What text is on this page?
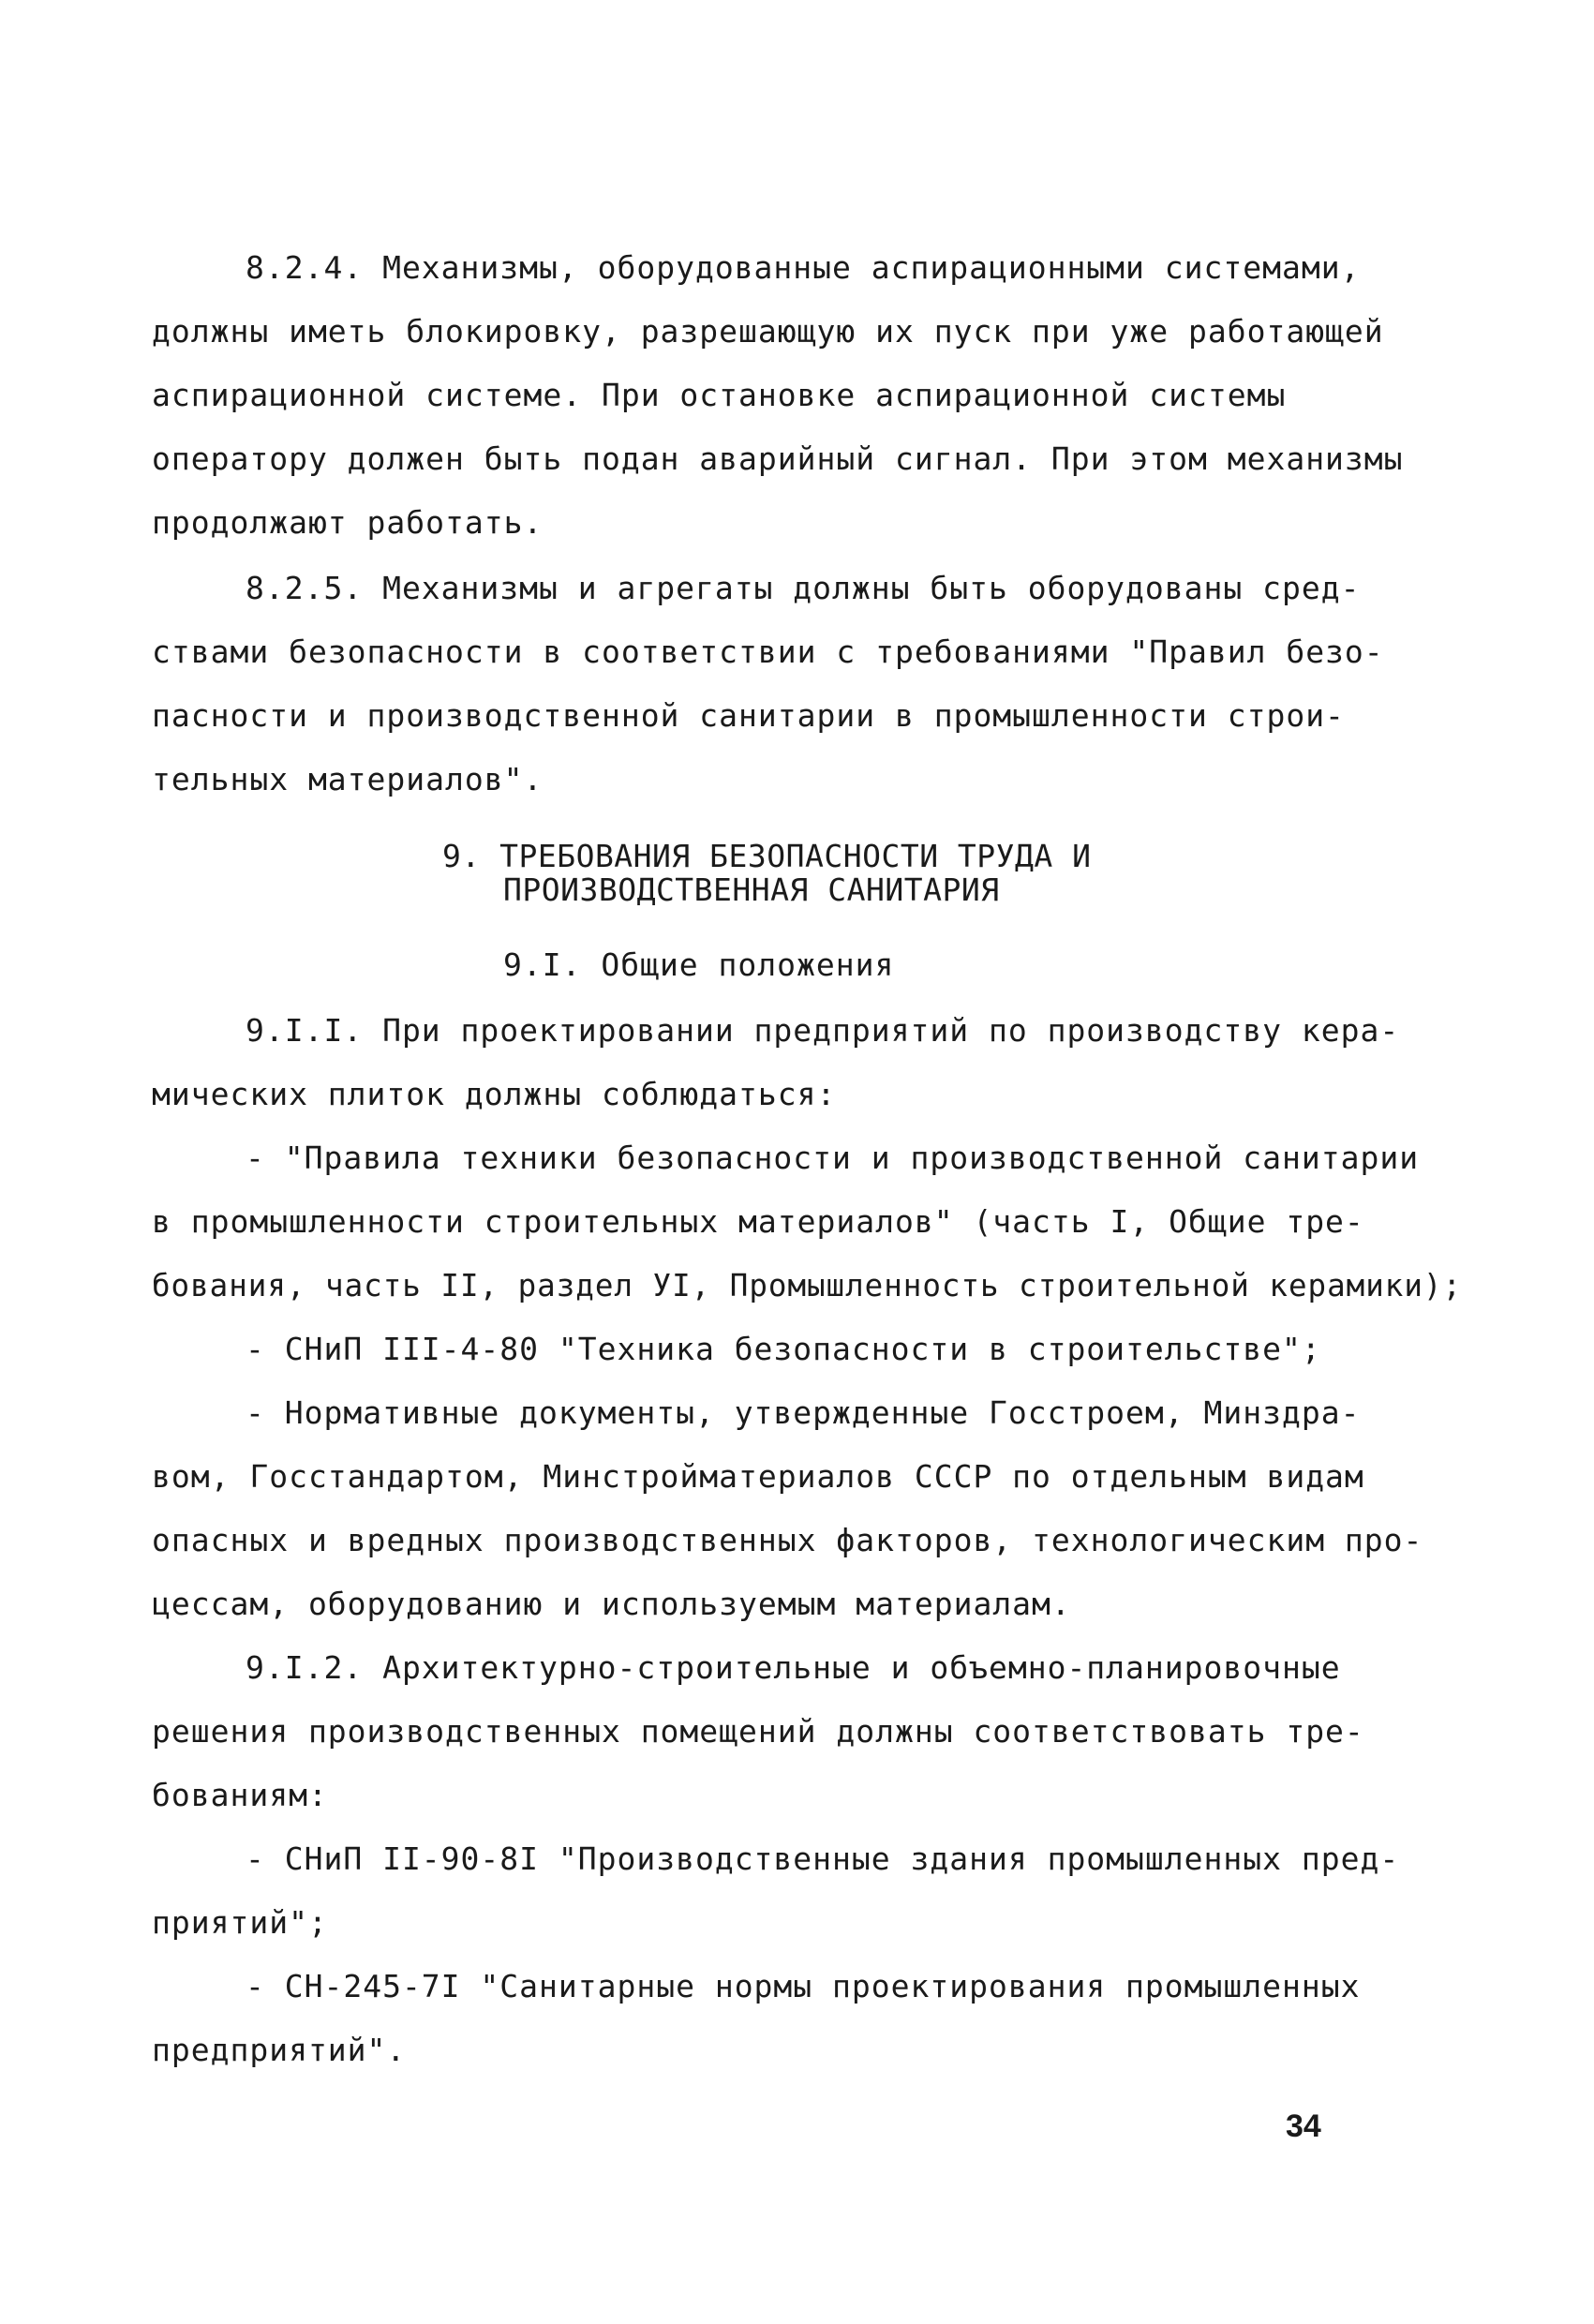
8.2.4. Механизмы, оборудованные аспирационными системами,
должны иметь блокировку, разрешающую их пуск при уже работающей
аспирационной системе. При остановке аспирационной системы
оператору должен быть подан аварийный сигнал. При этом механизмы
продолжают работать.
8.2.5. Механизмы и агрегаты должны быть оборудованы сред-
ствами безопасности в соответствии с требованиями "Правил безо-
пасности и производственной санитарии в промышленности строи-
тельных материалов".
9. ТРЕБОВАНИЯ БЕЗОПАСНОСТИ ТРУДА И
ПРОИЗВОДСТВЕННАЯ САНИТАРИЯ
9.I. Общие положения
9.I.I. При проектировании предприятий по производству кера-
мических плиток должны соблюдаться:
- "Правила техники безопасности и производственной санитарии
в промышленности строительных материалов" (часть I, Общие тре-
бования, часть II, раздел УI, Промышленность строительной керамики);
- СНиП III-4-80 "Техника безопасности в строительстве";
- Нормативные документы, утвержденные Госстроем, Минздра-
вом, Госстандартом, Минстройматериалов СССР по отдельным видам
опасных и вредных производственных факторов, технологическим про-
цессам, оборудованию и используемым материалам.
9.I.2. Архитектурно-строительные и объемно-планировочные
решения производственных помещений должны соответствовать тре-
бованиям:
- СНиП II-90-8I "Производственные здания промышленных пред-
приятий";
- СН-245-7I "Санитарные нормы проектирования промышленных
предприятий".
34
